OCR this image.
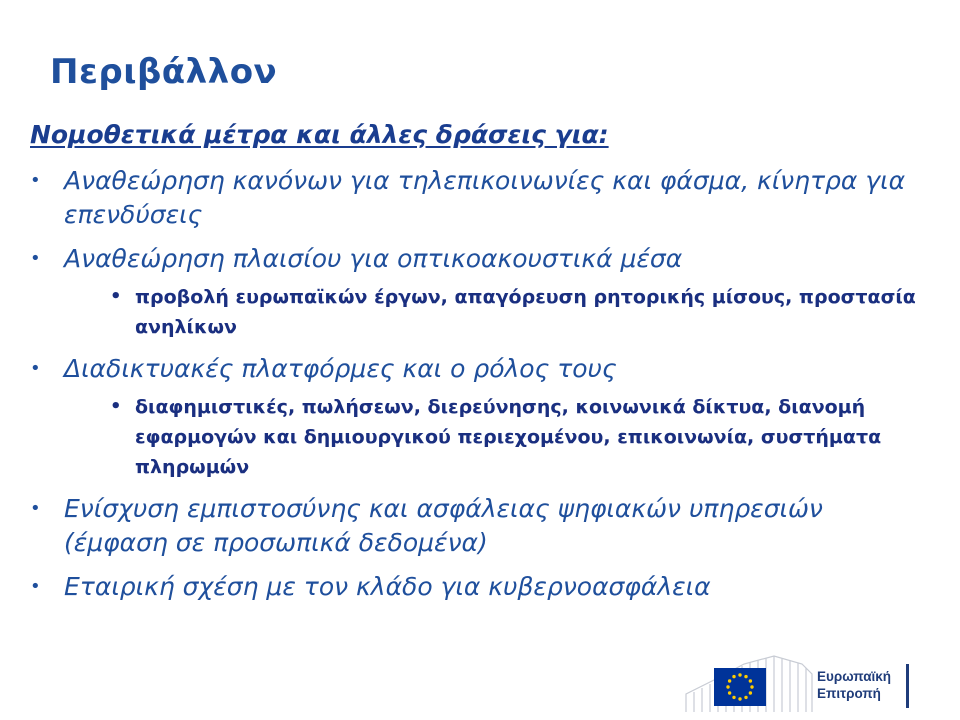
Περιβάλλον
Νομοθετικά μέτρα και άλλες δράσεις για:
• Αναθεώρηση κανόνων για τηλεπικοινωνίες και φάσμα, κίνητρα για επενδύσεις
• Αναθεώρηση πλαισίου για οπτικοακουστικά μέσα
• προβολή ευρωπαϊκών έργων, απαγόρευση ρητορικής μίσους, προστασία ανηλίκων
• Διαδικτυακές πλατφόρμες και ο ρόλος τους
• διαφημιστικές, πωλήσεων, διερεύνησης, κοινωνικά δίκτυα, διανομή εφαρμογών και δημιουργικού περιεχομένου, επικοινωνία, συστήματα πληρωμών
• Ενίσχυση εμπιστοσύνης και ασφάλειας ψηφιακών υπηρεσιών (έμφαση σε προσωπικά δεδομένα)
• Εταιρική σχέση με τον κλάδο για κυβερνοασφάλεια
Ευρωπαϊκή
Επιτροπή
